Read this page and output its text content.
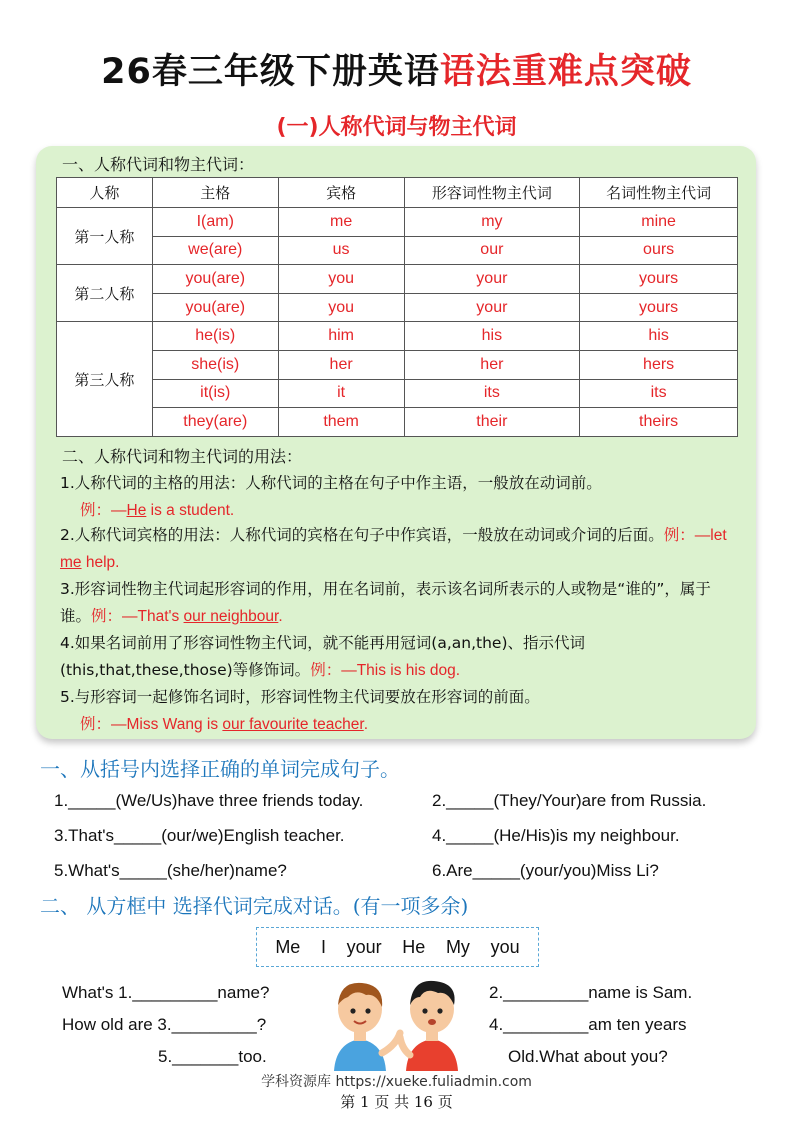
26春三年级下册英语语法重难点突破
(一)人称代词与物主代词
一、人称代词和物主代词：
人称	主格	宾格	形容词性物主代词	名词性物主代词
第一人称	I(am)	me	my	mine
	we(are)	us	our	ours
第二人称	you(are)	you	your	yours
	you(are)	you	your	yours
第三人称	he(is)	him	his	his
	she(is)	her	her	hers
	it(is)	it	its	its
	they(are)	them	their	theirs
二、人称代词和物主代词的用法：
1.人称代词的主格的用法：人称代词的主格在句子中作主语，一般放在动词前。
例：—He is a student.
2.人称代词宾格的用法：人称代词的宾格在句子中作宾语，一般放在动词或介词的后面。例：—let me help.
3.形容词性物主代词起形容词的作用，用在名词前，表示该名词所表示的人或物是“谁的”，属于谁。例：—That's our neighbour.
4.如果名词前用了形容词性物主代词，就不能再用冠词(a,an,the)、指示代词(this,that,these,those)等修饰词。例：—This is his dog.
5.与形容词一起修饰名词时，形容词性物主代词要放在形容词的前面。
例：—Miss Wang is our favourite teacher.
一、从括号内选择正确的单词完成句子。
1._____(We/Us)have three friends today.	2._____(They/Your)are from Russia.
3.That's_____(our/we)English teacher.	4._____(He/His)is my neighbour.
5.What's_____(she/her)name?	6.Are_____(your/you)Miss Li?
二、 从方框中 选择代词完成对话。(有一项多余)
Me I your He My you
What's 1._________name?	2._________name is Sam.
How old are 3._________?	4._________am ten years
5._______too.	Old.What about you?
学科资源库 https://xueke.fuliadmin.com
第 1 页 共 16 页
